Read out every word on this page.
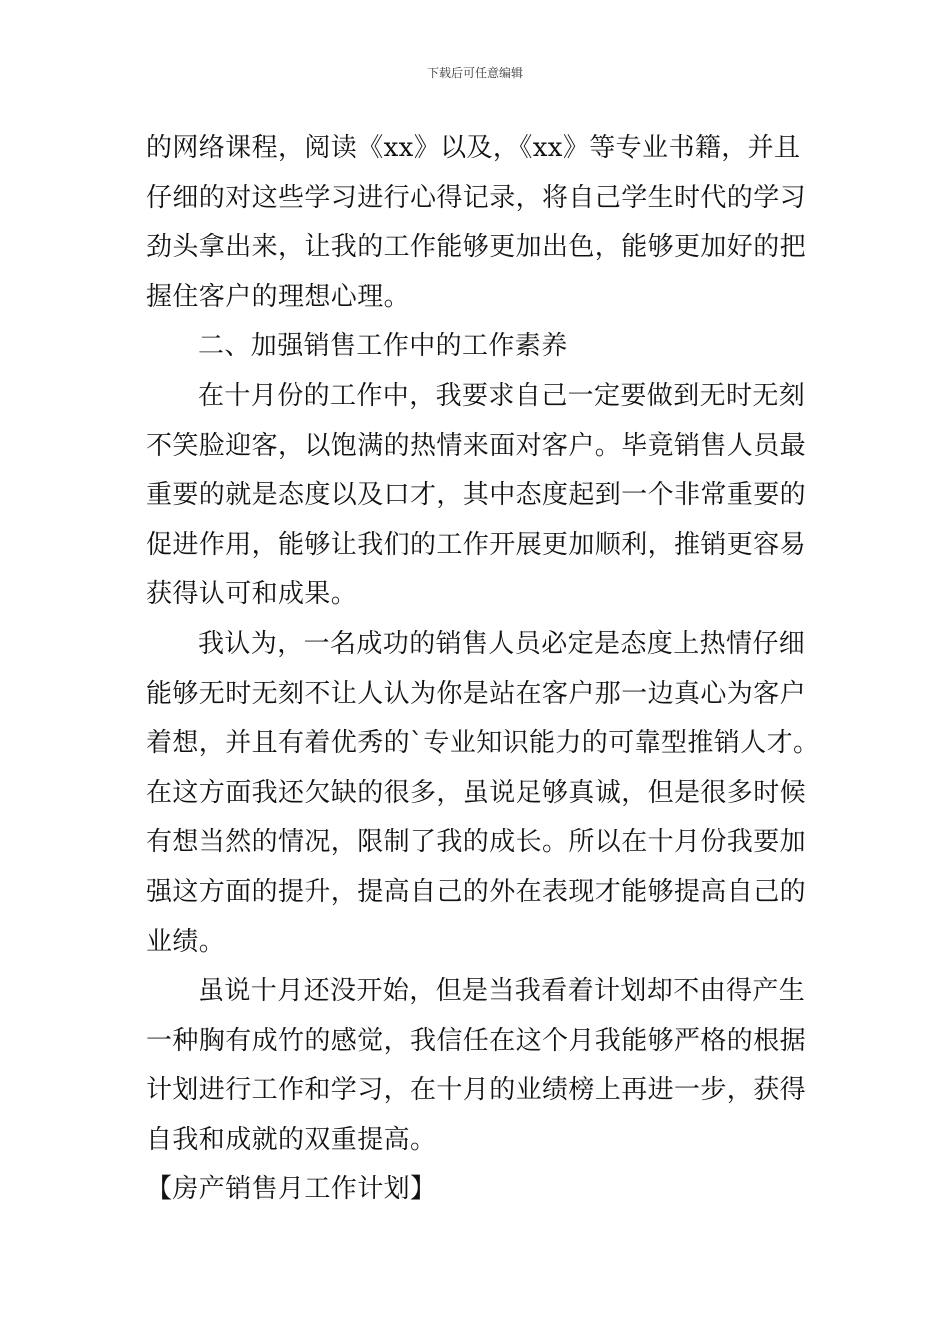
下载后可任意编辑
的网络课程，阅读《xx》以及，《xx》等专业书籍，并且
仔细的对这些学习进行心得记录，将自己学生时代的学习
劲头拿出来，让我的工作能够更加出色，能够更加好的把
握住客户的理想心理。
二、加强销售工作中的工作素养
在十月份的工作中，我要求自己一定要做到无时无刻
不笑脸迎客，以饱满的热情来面对客户。毕竟销售人员最
重要的就是态度以及口才，其中态度起到一个非常重要的
促进作用，能够让我们的工作开展更加顺利，推销更容易
获得认可和成果。
我认为，一名成功的销售人员必定是态度上热情仔细
能够无时无刻不让人认为你是站在客户那一边真心为客户
着想，并且有着优秀的`专业知识能力的可靠型推销人才。
在这方面我还欠缺的很多，虽说足够真诚，但是很多时候
有想当然的情况，限制了我的成长。所以在十月份我要加
强这方面的提升，提高自己的外在表现才能够提高自己的
业绩。
虽说十月还没开始，但是当我看着计划却不由得产生
一种胸有成竹的感觉，我信任在这个月我能够严格的根据
计划进行工作和学习，在十月的业绩榜上再进一步，获得
自我和成就的双重提高。
【房产销售月工作计划】
